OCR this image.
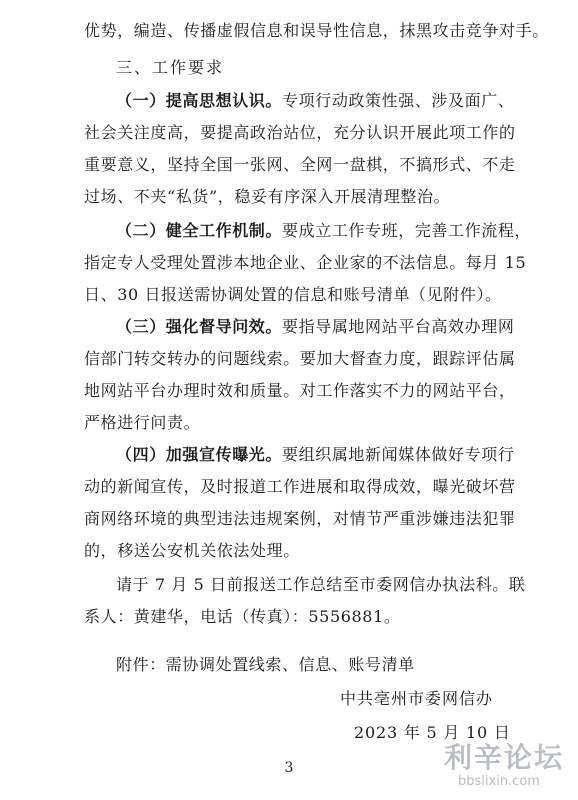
优势，编造、传播虚假信息和误导性信息，抹黑攻击竞争对手。
三、工作要求
（一）提高思想认识。专项行动政策性强、涉及面广、
社会关注度高，要提高政治站位，充分认识开展此项工作的
重要意义，坚持全国一张网、全网一盘棋，不搞形式、不走
过场、不夹“私货”，稳妥有序深入开展清理整治。
（二）健全工作机制。要成立工作专班，完善工作流程，
指定专人受理处置涉本地企业、企业家的不法信息。每月 15
日、30 日报送需协调处置的信息和账号清单（见附件）。
（三）强化督导问效。要指导属地网站平台高效办理网
信部门转交转办的问题线索。要加大督查力度，跟踪评估属
地网站平台办理时效和质量。对工作落实不力的网站平台，
严格进行问责。
（四）加强宣传曝光。要组织属地新闻媒体做好专项行
动的新闻宣传，及时报道工作进展和取得成效，曝光破坏营
商网络环境的典型违法违规案例，对情节严重涉嫌违法犯罪
的，移送公安机关依法处理。
请于 7 月 5 日前报送工作总结至市委网信办执法科。联
系人：黄建华，电话（传真）：5556881。
附件：需协调处置线索、信息、账号清单
3	利辛论坛
bbslixin.com
中共亳州市委网信办
2023 年 5 月 10 日
